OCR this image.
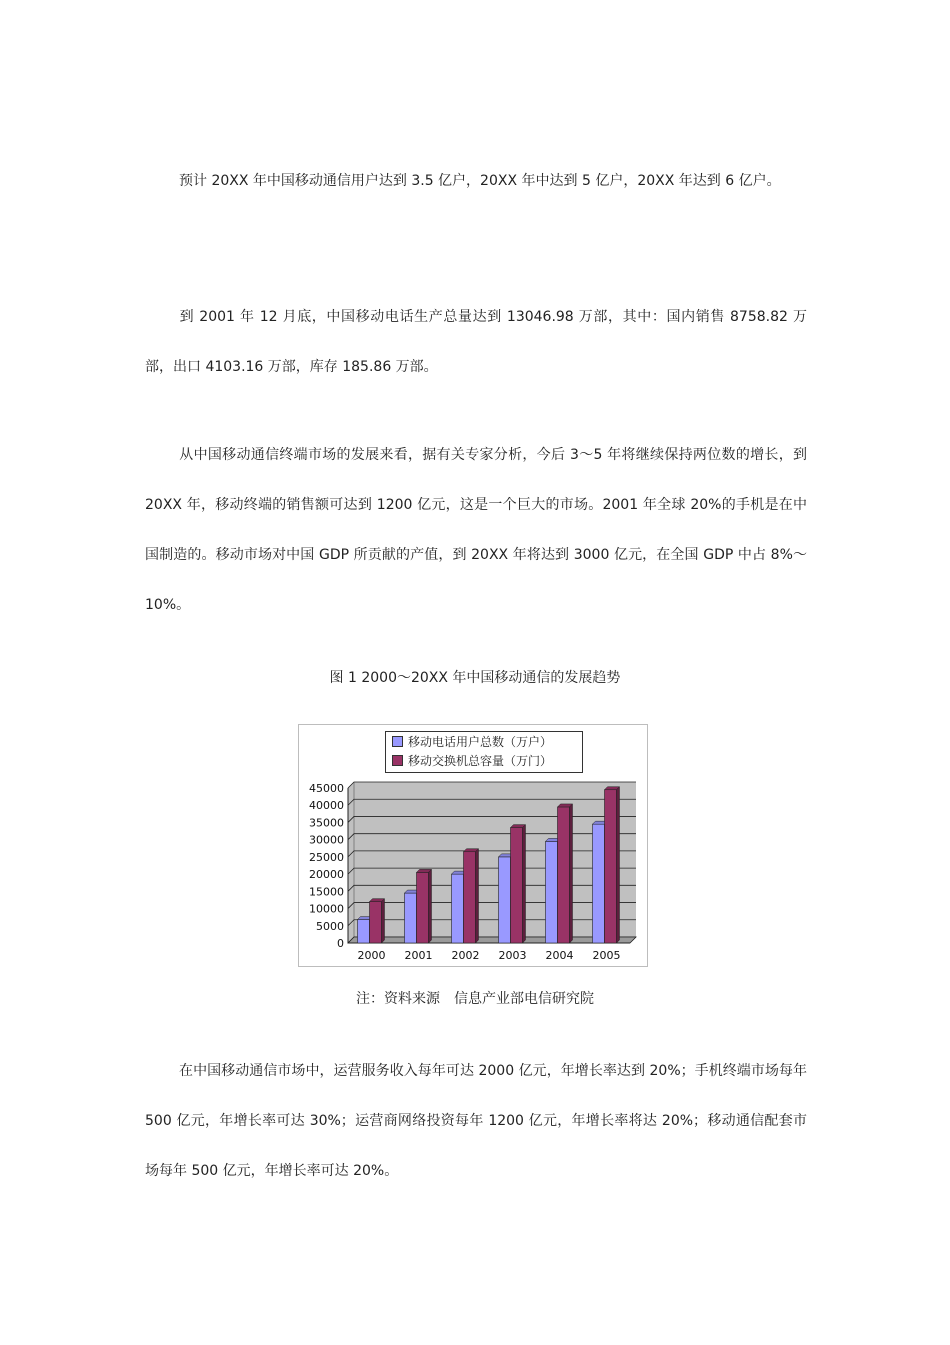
预计 20XX 年中国移动通信用户达到 3.5 亿户，20XX 年中达到 5 亿户，20XX 年达到 6 亿户。

到 2001 年 12 月底，中国移动电话生产总量达到 13046.98 万部，其中：国内销售 8758.82 万部，出口 4103.16 万部，库存 185.86 万部。

从中国移动通信终端市场的发展来看，据有关专家分析，今后 3～5 年将继续保持两位数的增长，到 20XX 年，移动终端的销售额可达到 1200 亿元，这是一个巨大的市场。2001 年全球 20%的手机是在中国制造的。移动市场对中国 GDP 所贡献的产值，到 20XX 年将达到 3000 亿元，在全国 GDP 中占 8%～10%。

图 1 2000～20XX 年中国移动通信的发展趋势
0
5000
10000
15000
20000
25000
30000
35000
40000
45000
2000 2001 2002 2003 2004 2005
移动电话用户总数（万户）
移动交换机总容量（万门）
注：资料来源　信息产业部电信研究院

在中国移动通信市场中，运营服务收入每年可达 2000 亿元，年增长率达到 20%；手机终端市场每年 500 亿元，年增长率可达 30%；运营商网络投资每年 1200 亿元，年增长率将达 20%；移动通信配套市场每年 500 亿元，年增长率可达 20%。
